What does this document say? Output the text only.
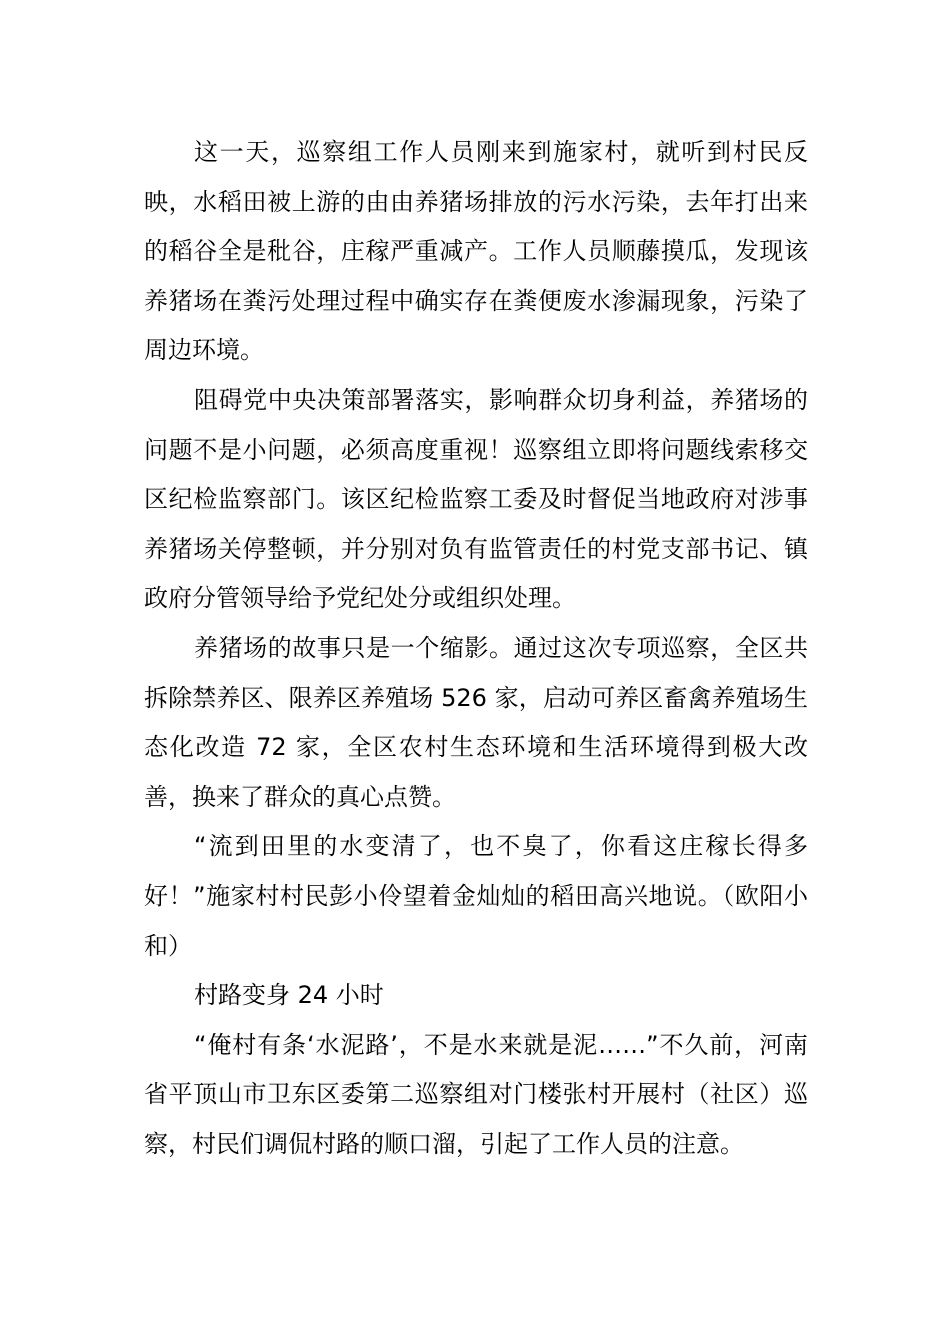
这一天，巡察组工作人员刚来到施家村，就听到村民反映，水稻田被上游的由由养猪场排放的污水污染，去年打出来的稻谷全是秕谷，庄稼严重减产。工作人员顺藤摸瓜，发现该养猪场在粪污处理过程中确实存在粪便废水渗漏现象，污染了周边环境。

阻碍党中央决策部署落实，影响群众切身利益，养猪场的问题不是小问题，必须高度重视！巡察组立即将问题线索移交区纪检监察部门。该区纪检监察工委及时督促当地政府对涉事养猪场关停整顿，并分别对负有监管责任的村党支部书记、镇政府分管领导给予党纪处分或组织处理。

养猪场的故事只是一个缩影。通过这次专项巡察，全区共拆除禁养区、限养区养殖场 526 家，启动可养区畜禽养殖场生态化改造 72 家，全区农村生态环境和生活环境得到极大改善，换来了群众的真心点赞。

“流到田里的水变清了，也不臭了，你看这庄稼长得多好！”施家村村民彭小伶望着金灿灿的稻田高兴地说。（欧阳小和）

村路变身 24 小时

“俺村有条‘水泥路’，不是水来就是泥……”不久前，河南省平顶山市卫东区委第二巡察组对门楼张村开展村（社区）巡察，村民们调侃村路的顺口溜，引起了工作人员的注意。
